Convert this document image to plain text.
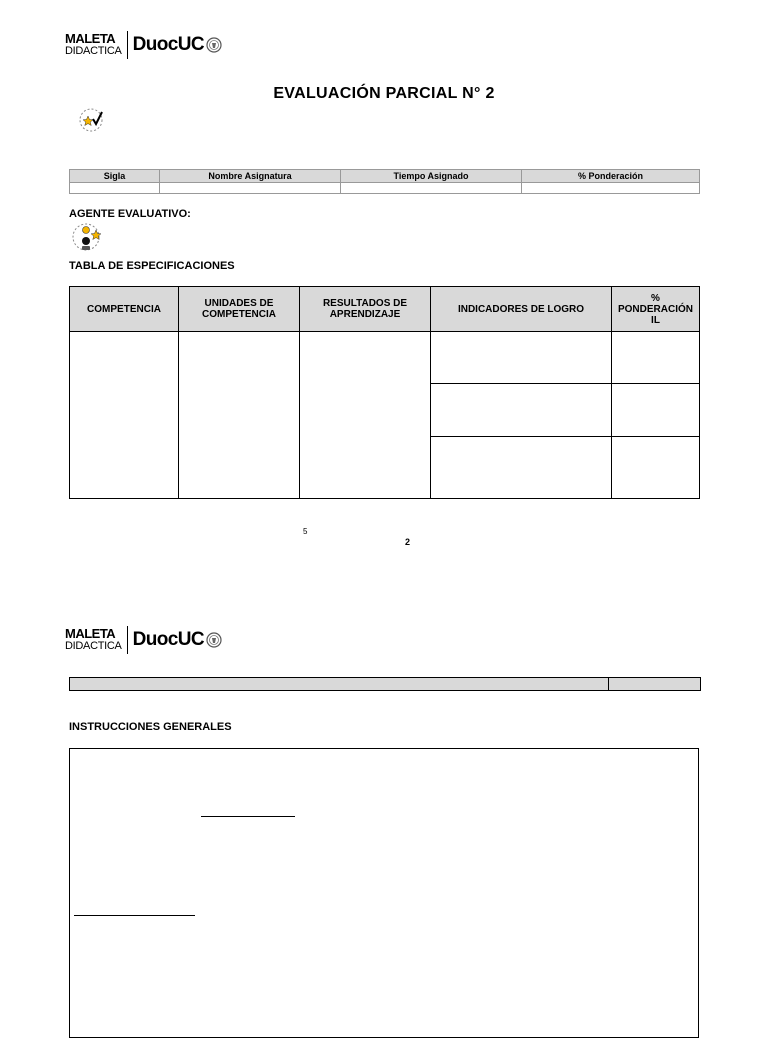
MALETA
DIDACTICA DuocUC
EVALUACIÓN PARCIAL N° 2
Sigla	Nombre Asignatura	Tiempo Asignado	% Ponderación

AGENTE EVALUATIVO:
TABLA DE ESPECIFICACIONES
COMPETENCIA	UNIDADES DE COMPETENCIA	RESULTADOS DE APRENDIZAJE	INDICADORES DE LOGRO	% PONDERACIÓN IL

5
2
MALETA
DIDACTICA DuocUC
INSTRUCCIONES GENERALES
